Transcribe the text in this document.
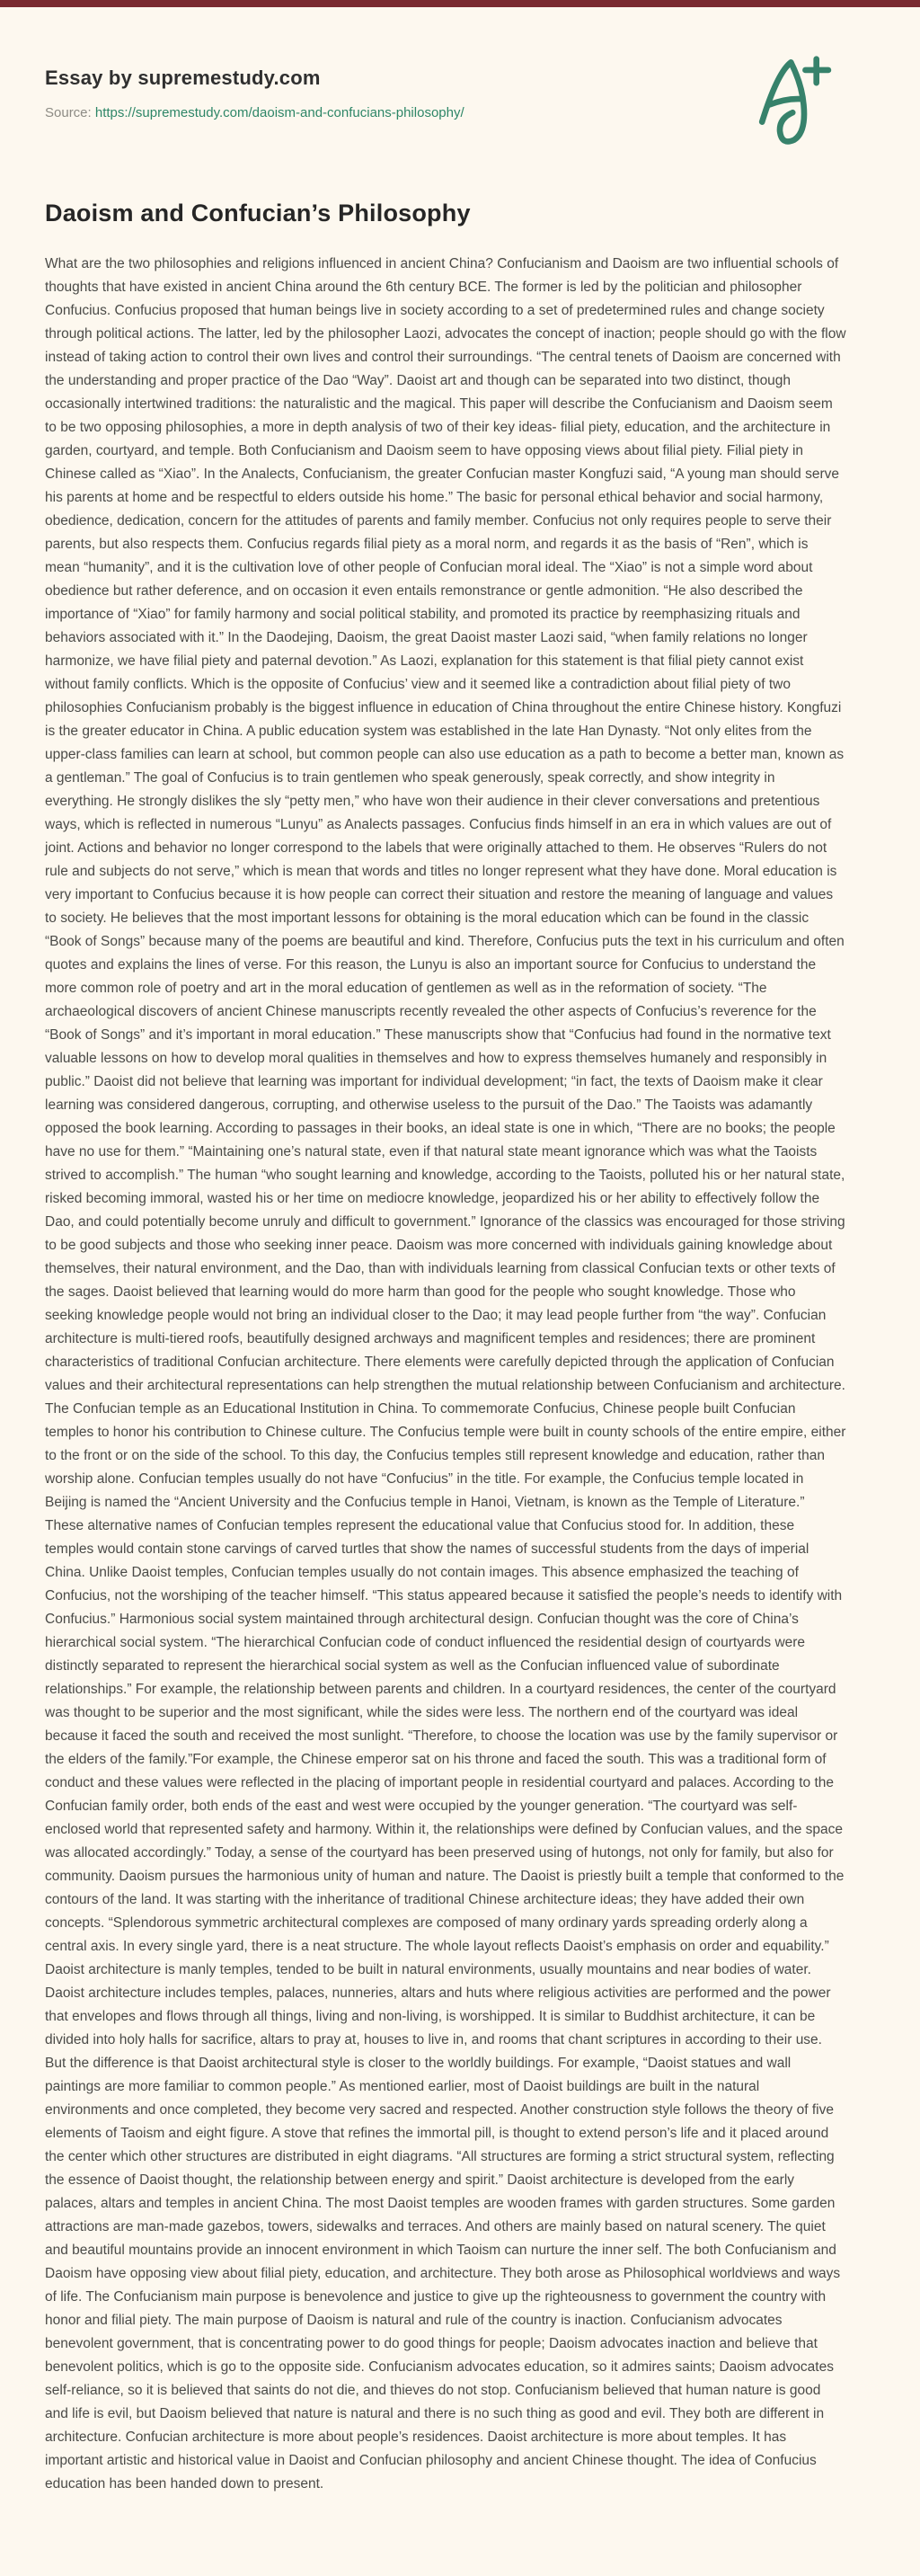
Essay by supremestudy.com
Source: https://supremestudy.com/daoism-and-confucians-philosophy/
Daoism and Confucian’s Philosophy

What are the two philosophies and religions influenced in ancient China? Confucianism and Daoism are two influential schools of thoughts that have existed in ancient China around the 6th century BCE. The former is led by the politician and philosopher Confucius. Confucius proposed that human beings live in society according to a set of predetermined rules and change society through political actions. The latter, led by the philosopher Laozi, advocates the concept of inaction; people should go with the flow instead of taking action to control their own lives and control their surroundings. “The central tenets of Daoism are concerned with the understanding and proper practice of the Dao “Way”. Daoist art and though can be separated into two distinct, though occasionally intertwined traditions: the naturalistic and the magical. This paper will describe the Confucianism and Daoism seem to be two opposing philosophies, a more in depth analysis of two of their key ideas- filial piety, education, and the architecture in garden, courtyard, and temple. Both Confucianism and Daoism seem to have opposing views about filial piety. Filial piety in Chinese called as “Xiao”. In the Analects, Confucianism, the greater Confucian master Kongfuzi said, “A young man should serve his parents at home and be respectful to elders outside his home.” The basic for personal ethical behavior and social harmony, obedience, dedication, concern for the attitudes of parents and family member. Confucius not only requires people to serve their parents, but also respects them. Confucius regards filial piety as a moral norm, and regards it as the basis of “Ren”, which is mean “humanity”, and it is the cultivation love of other people of Confucian moral ideal. The “Xiao” is not a simple word about obedience but rather deference, and on occasion it even entails remonstrance or gentle admonition. “He also described the importance of “Xiao” for family harmony and social political stability, and promoted its practice by reemphasizing rituals and behaviors associated with it.” In the Daodejing, Daoism, the great Daoist master Laozi said, “when family relations no longer harmonize, we have filial piety and paternal devotion.” As Laozi, explanation for this statement is that filial piety cannot exist without family conflicts. Which is the opposite of Confucius’ view and it seemed like a contradiction about filial piety of two philosophies Confucianism probably is the biggest influence in education of China throughout the entire Chinese history. Kongfuzi is the greater educator in China. A public education system was established in the late Han Dynasty. “Not only elites from the upper-class families can learn at school, but common people can also use education as a path to become a better man, known as a gentleman.” The goal of Confucius is to train gentlemen who speak generously, speak correctly, and show integrity in everything. He strongly dislikes the sly “petty men,” who have won their audience in their clever conversations and pretentious ways, which is reflected in numerous “Lunyu” as Analects passages. Confucius finds himself in an era in which values are out of joint. Actions and behavior no longer correspond to the labels that were originally attached to them. He observes “Rulers do not rule and subjects do not serve,” which is mean that words and titles no longer represent what they have done. Moral education is very important to Confucius because it is how people can correct their situation and restore the meaning of language and values to society. He believes that the most important lessons for obtaining is the moral education which can be found in the classic “Book of Songs” because many of the poems are beautiful and kind. Therefore, Confucius puts the text in his curriculum and often quotes and explains the lines of verse. For this reason, the Lunyu is also an important source for Confucius to understand the more common role of poetry and art in the moral education of gentlemen as well as in the reformation of society. “The archaeological discovers of ancient Chinese manuscripts recently revealed the other aspects of Confucius’s reverence for the “Book of Songs” and it’s important in moral education.” These manuscripts show that “Confucius had found in the normative text valuable lessons on how to develop moral qualities in themselves and how to express themselves humanely and responsibly in public.” Daoist did not believe that learning was important for individual development; “in fact, the texts of Daoism make it clear learning was considered dangerous, corrupting, and otherwise useless to the pursuit of the Dao.” The Taoists was adamantly opposed the book learning. According to passages in their books, an ideal state is one in which, “There are no books; the people have no use for them.” “Maintaining one’s natural state, even if that natural state meant ignorance which was what the Taoists strived to accomplish.” The human “who sought learning and knowledge, according to the Taoists, polluted his or her natural state, risked becoming immoral, wasted his or her time on mediocre knowledge, jeopardized his or her ability to effectively follow the Dao, and could potentially become unruly and difficult to government.” Ignorance of the classics was encouraged for those striving to be good subjects and those who seeking inner peace. Daoism was more concerned with individuals gaining knowledge about themselves, their natural environment, and the Dao, than with individuals learning from classical Confucian texts or other texts of the sages. Daoist believed that learning would do more harm than good for the people who sought knowledge. Those who seeking knowledge people would not bring an individual closer to the Dao; it may lead people further from “the way”. Confucian architecture is multi-tiered roofs, beautifully designed archways and magnificent temples and residences; there are prominent characteristics of traditional Confucian architecture. There elements were carefully depicted through the application of Confucian values and their architectural representations can help strengthen the mutual relationship between Confucianism and architecture. The Confucian temple as an Educational Institution in China. To commemorate Confucius, Chinese people built Confucian temples to honor his contribution to Chinese culture. The Confucius temple were built in county schools of the entire empire, either to the front or on the side of the school. To this day, the Confucius temples still represent knowledge and education, rather than worship alone. Confucian temples usually do not have “Confucius” in the title. For example, the Confucius temple located in Beijing is named the “Ancient University and the Confucius temple in Hanoi, Vietnam, is known as the Temple of Literature.” These alternative names of Confucian temples represent the educational value that Confucius stood for. In addition, these temples would contain stone carvings of carved turtles that show the names of successful students from the days of imperial China. Unlike Daoist temples, Confucian temples usually do not contain images. This absence emphasized the teaching of Confucius, not the worshiping of the teacher himself. “This status appeared because it satisfied the people’s needs to identify with Confucius.” Harmonious social system maintained through architectural design. Confucian thought was the core of China’s hierarchical social system. “The hierarchical Confucian code of conduct influenced the residential design of courtyards were distinctly separated to represent the hierarchical social system as well as the Confucian influenced value of subordinate relationships.” For example, the relationship between parents and children. In a courtyard residences, the center of the courtyard was thought to be superior and the most significant, while the sides were less. The northern end of the courtyard was ideal because it faced the south and received the most sunlight. “Therefore, to choose the location was use by the family supervisor or the elders of the family.”For example, the Chinese emperor sat on his throne and faced the south. This was a traditional form of conduct and these values were reflected in the placing of important people in residential courtyard and palaces. According to the Confucian family order, both ends of the east and west were occupied by the younger generation. “The courtyard was self-enclosed world that represented safety and harmony. Within it, the relationships were defined by Confucian values, and the space was allocated accordingly.” Today, a sense of the courtyard has been preserved using of hutongs, not only for family, but also for community. Daoism pursues the harmonious unity of human and nature. The Daoist is priestly built a temple that conformed to the contours of the land. It was starting with the inheritance of traditional Chinese architecture ideas; they have added their own concepts. “Splendorous symmetric architectural complexes are composed of many ordinary yards spreading orderly along a central axis. In every single yard, there is a neat structure. The whole layout reflects Daoist’s emphasis on order and equability.” Daoist architecture is manly temples, tended to be built in natural environments, usually mountains and near bodies of water. Daoist architecture includes temples, palaces, nunneries, altars and huts where religious activities are performed and the power that envelopes and flows through all things, living and non-living, is worshipped. It is similar to Buddhist architecture, it can be divided into holy halls for sacrifice, altars to pray at, houses to live in, and rooms that chant scriptures in according to their use. But the difference is that Daoist architectural style is closer to the worldly buildings. For example, “Daoist statues and wall paintings are more familiar to common people.” As mentioned earlier, most of Daoist buildings are built in the natural environments and once completed, they become very sacred and respected. Another construction style follows the theory of five elements of Taoism and eight figure. A stove that refines the immortal pill, is thought to extend person’s life and it placed around the center which other structures are distributed in eight diagrams. “All structures are forming a strict structural system, reflecting the essence of Daoist thought, the relationship between energy and spirit.” Daoist architecture is developed from the early palaces, altars and temples in ancient China. The most Daoist temples are wooden frames with garden structures. Some garden attractions are man-made gazebos, towers, sidewalks and terraces. And others are mainly based on natural scenery. The quiet and beautiful mountains provide an innocent environment in which Taoism can nurture the inner self. The both Confucianism and Daoism have opposing view about filial piety, education, and architecture. They both arose as Philosophical worldviews and ways of life. The Confucianism main purpose is benevolence and justice to give up the righteousness to government the country with honor and filial piety. The main purpose of Daoism is natural and rule of the country is inaction. Confucianism advocates benevolent government, that is concentrating power to do good things for people; Daoism advocates inaction and believe that benevolent politics, which is go to the opposite side. Confucianism advocates education, so it admires saints; Daoism advocates self-reliance, so it is believed that saints do not die, and thieves do not stop. Confucianism believed that human nature is good and life is evil, but Daoism believed that nature is natural and there is no such thing as good and evil. They both are different in architecture. Confucian architecture is more about people’s residences. Daoist architecture is more about temples. It has important artistic and historical value in Daoist and Confucian philosophy and ancient Chinese thought. The idea of Confucius education has been handed down to present.
